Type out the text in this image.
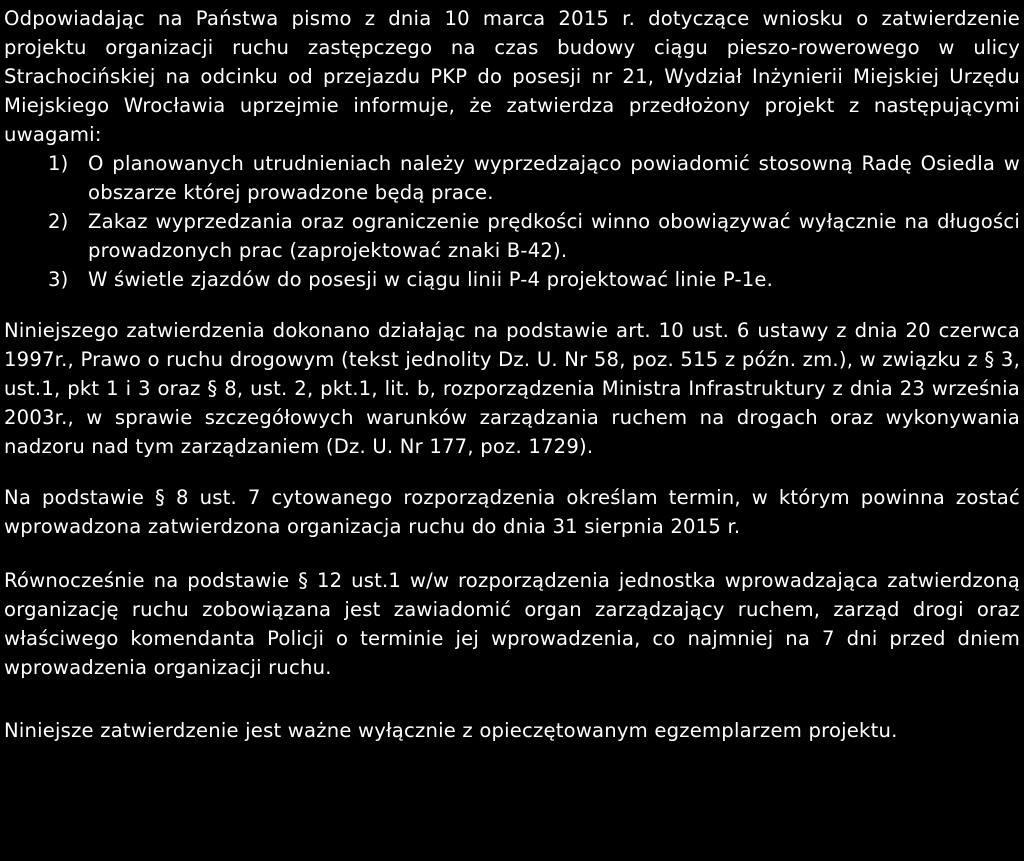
Odpowiadając na Państwa pismo z dnia 10 marca 2015 r. dotyczące wniosku o zatwierdzenie projektu organizacji ruchu zastępczego na czas budowy ciągu pieszo-rowerowego w ulicy Strachocińskiej na odcinku od przejazdu PKP do posesji nr 21, Wydział Inżynierii Miejskiej Urzędu Miejskiego Wrocławia uprzejmie informuje, że zatwierdza przedłożony projekt z następującymi uwagami:

1) O planowanych utrudnieniach należy wyprzedzająco powiadomić stosowną Radę Osiedla w obszarze której prowadzone będą prace.
2) Zakaz wyprzedzania oraz ograniczenie prędkości winno obowiązywać wyłącznie na długości prowadzonych prac (zaprojektować znaki B-42).
3) W świetle zjazdów do posesji w ciągu linii P-4 projektować linie P-1e.

Niniejszego zatwierdzenia dokonano działając na podstawie art. 10 ust. 6 ustawy z dnia 20 czerwca 1997r., Prawo o ruchu drogowym (tekst jednolity Dz. U. Nr 58, poz. 515 z późn. zm.), w związku z § 3, ust.1, pkt 1 i 3 oraz § 8, ust. 2, pkt.1, lit. b, rozporządzenia Ministra Infrastruktury z dnia 23 września 2003r., w sprawie szczegółowych warunków zarządzania ruchem na drogach oraz wykonywania nadzoru nad tym zarządzaniem (Dz. U. Nr 177, poz. 1729).

Na podstawie § 8 ust. 7 cytowanego rozporządzenia określam termin, w którym powinna zostać wprowadzona zatwierdzona organizacja ruchu do dnia 31 sierpnia 2015 r.

Równocześnie na podstawie § 12 ust.1 w/w rozporządzenia jednostka wprowadzająca zatwierdzoną organizację ruchu zobowiązana jest zawiadomić organ zarządzający ruchem, zarząd drogi oraz właściwego komendanta Policji o terminie jej wprowadzenia, co najmniej na 7 dni przed dniem wprowadzenia organizacji ruchu.

Niniejsze zatwierdzenie jest ważne wyłącznie z opieczętowanym egzemplarzem projektu.
